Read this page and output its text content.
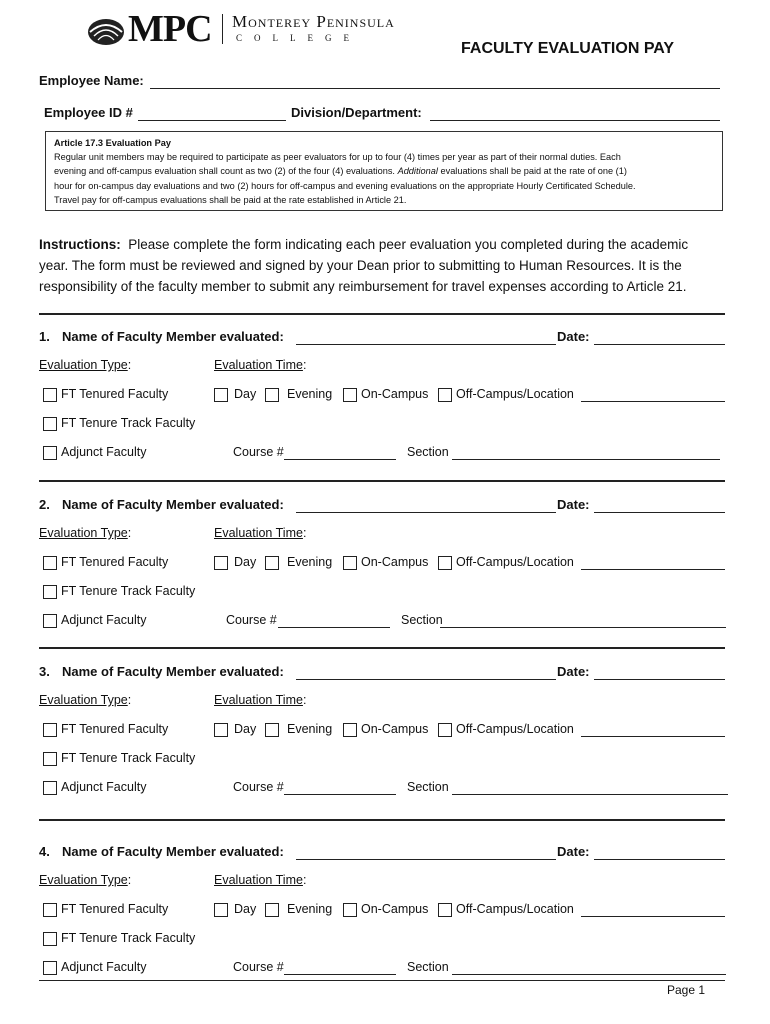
MPC Monterey Peninsula
COLLEGE
FACULTY EVALUATION PAY
Employee Name:
Employee ID #	Division/Department:
Article 17.3 Evaluation Pay
Regular unit members may be required to participate as peer evaluators for up to four (4) times per year as part of their normal duties. Each
evening and off-campus evaluation shall count as two (2) of the four (4) evaluations. Additional evaluations shall be paid at the rate of one (1)
hour for on-campus day evaluations and two (2) hours for off-campus and evening evaluations on the appropriate Hourly Certificated Schedule.
Travel pay for off-campus evaluations shall be paid at the rate established in Article 21.
Instructions: Please complete the form indicating each peer evaluation you completed during the academic
year. The form must be reviewed and signed by your Dean prior to submitting to Human Resources. It is the
responsibility of the faculty member to submit any reimbursement for travel expenses according to Article 21.
1. Name of Faculty Member evaluated:	Date:
Evaluation Type:	Evaluation Time:
FT Tenured Faculty	Day Evening On-Campus Off-Campus/Location
FT Tenure Track Faculty
Adjunct Faculty	Course #	Section
2. Name of Faculty Member evaluated:	Date:
Evaluation Type:	Evaluation Time:
FT Tenured Faculty	Day Evening On-Campus Off-Campus/Location
FT Tenure Track Faculty
Adjunct Faculty	Course #	Section
3. Name of Faculty Member evaluated:	Date:
Evaluation Type:	Evaluation Time:
FT Tenured Faculty	Day Evening On-Campus Off-Campus/Location
FT Tenure Track Faculty
Adjunct Faculty	Course #	Section
4. Name of Faculty Member evaluated:	Date:
Evaluation Type:	Evaluation Time:
FT Tenured Faculty	Day Evening On-Campus Off-Campus/Location
FT Tenure Track Faculty
Adjunct Faculty	Course #	Section
Page 1
